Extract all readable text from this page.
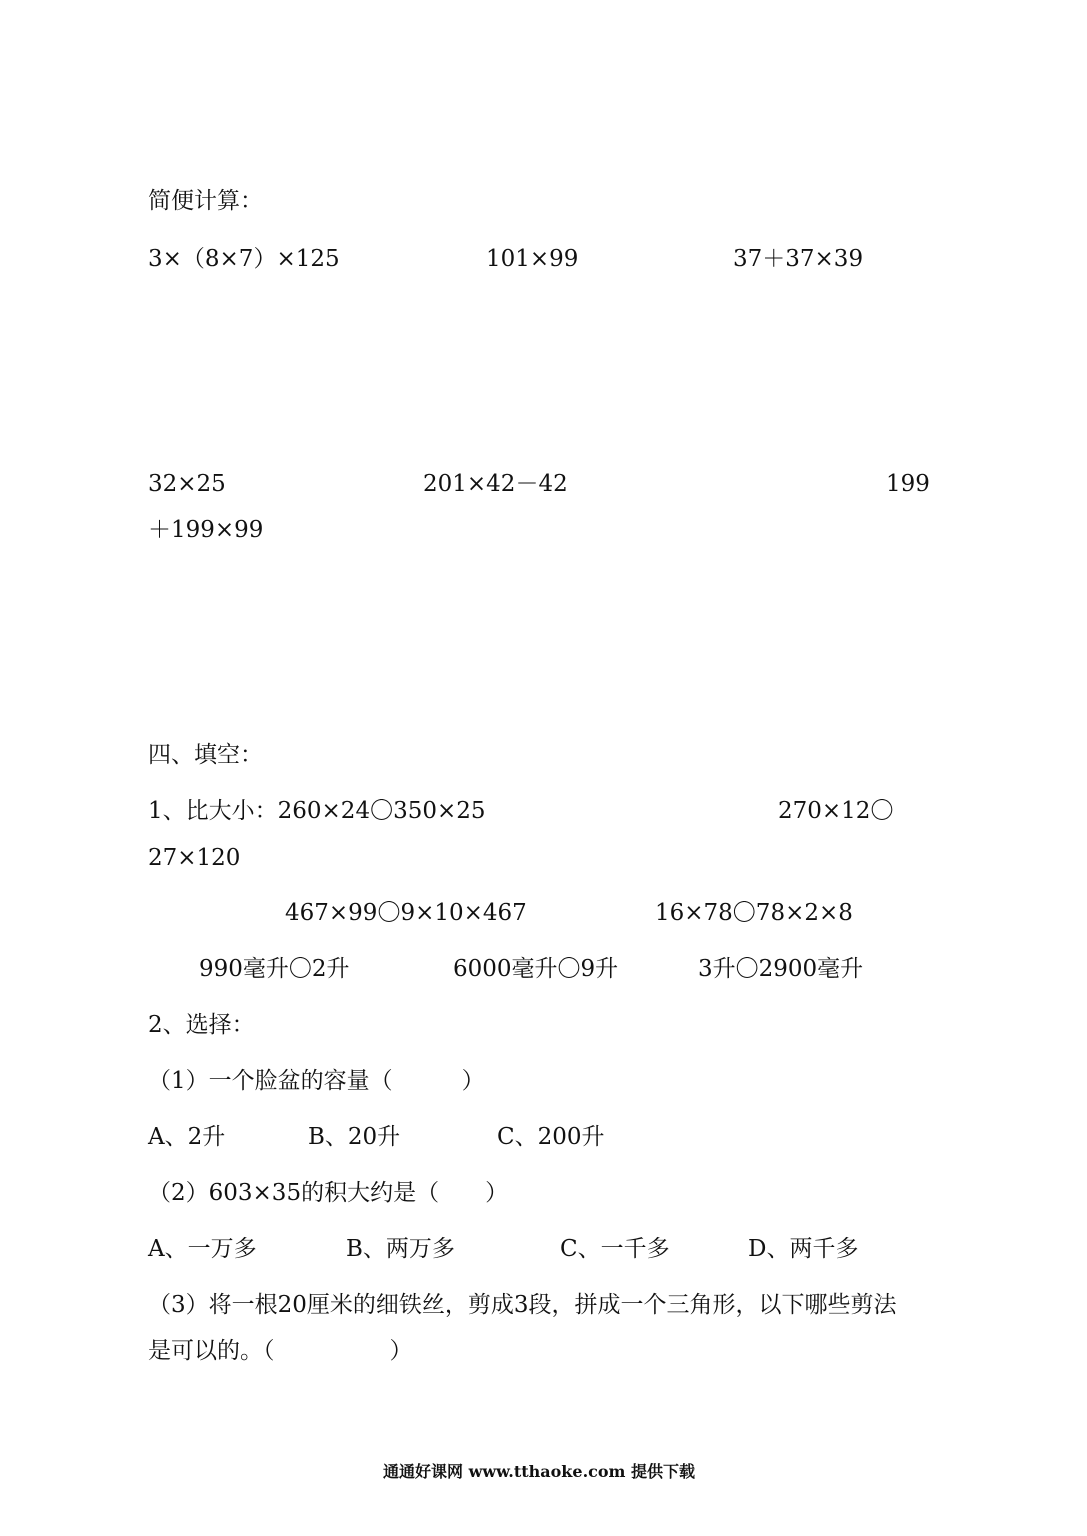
简便计算：
3×（8×7）×125	101×99	37＋37×39
32×25	201×42－42	199
＋199×99
四、填空：
1、比大小：260×24〇350×25	270×12〇
27×120
467×99〇9×10×467	16×78〇78×2×8
990毫升〇2升	6000毫升〇9升	3升〇2900毫升
2、选择：
（1）一个脸盆的容量（　　　）
A、2升	B、20升	C、200升
（2）603×35的积大约是（　　）
A、一万多	B、两万多	C、一千多	D、两千多
（3）将一根20厘米的细铁丝，剪成3段，拼成一个三角形，以下哪些剪法
是可以的。（　　　　　）
通通好课网 www.tthaoke.com 提供下载
